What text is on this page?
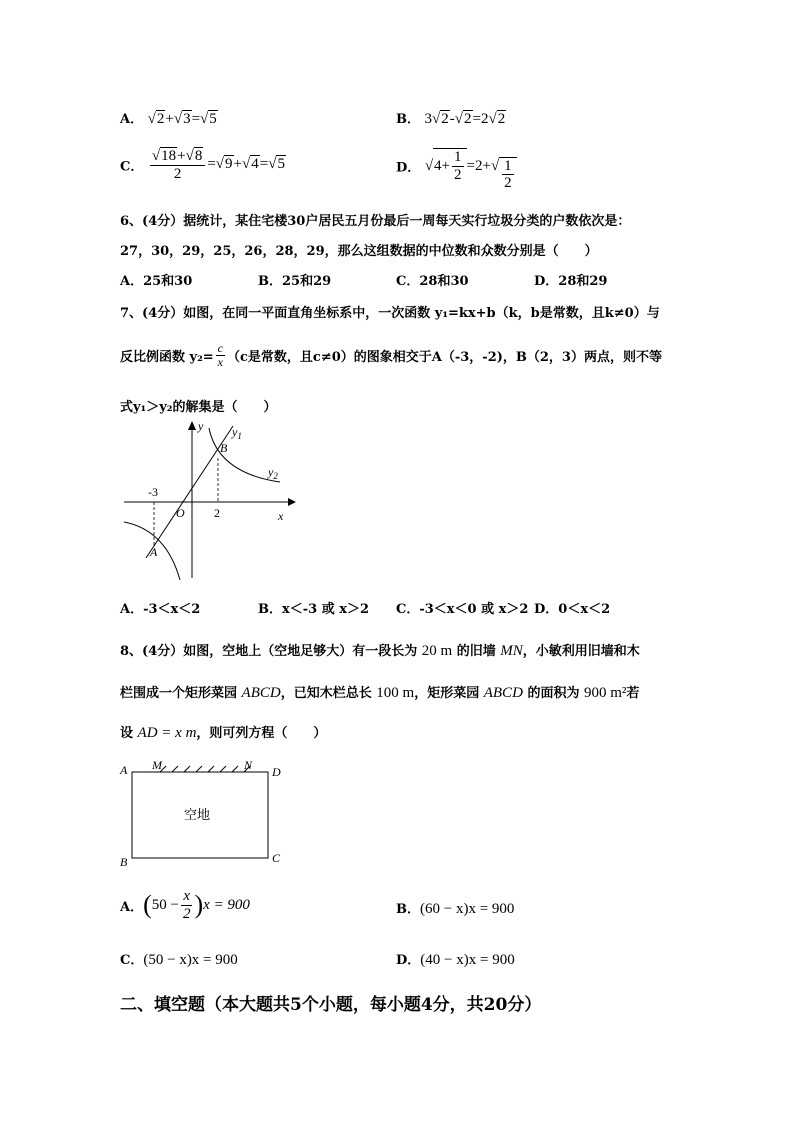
A． √2+√3=√5	B． 3√2-√2=2√2
C． $\frac{√18+√8}{2} =√9+√4=√5$	D． √ $4+ \frac{1}{2} =2+√ \frac{1}{2}$
6、(4分）据统计，某住宅楼30户居民五月份最后一周每天实行垃圾分类的户数依次是：
27，30，29，25，26，28，29，那么这组数据的中位数和众数分别是（　　）
A．25和30	B．25和29	C．28和30	D．28和29
7、(4分）如图，在同一平面直角坐标系中，一次函数 y₁=kx+b（k，b是常数，且k≠0）与
反比例函数 $y_2= \frac{c}{x} (c$是常数，且c≠0）的图象相交于A（-3，-2)，B（2，3）两点，则不等
式y₁＞y₂的解集是（　　）
y
x
$y_1$
$y_2$
B
A
O
-3
2
A．-3＜x＜2	B．x＜-3 或 x＞2 C．-3＜x＜0 或 x＞2 D．0＜x＜2
8、(4分）如图，空地上（空地足够大）有一段长为 20 m 的旧墙 MN，小敏利用旧墙和木
栏围成一个矩形菜园 ABCD，已知木栏总长 100 m，矩形菜园 ABCD 的面积为 900 m²若
设 AD = x m，则可列方程（　　）
A
B	C
D
M	N
空地
A． ( $50 - \frac{x}{2}$ ) x = 900	B．(60 − x)x = 900
C．(50 − x)x = 900	D．(40 − x)x = 900
二、填空题（本大题共5个小题，每小题4分，共20分）
